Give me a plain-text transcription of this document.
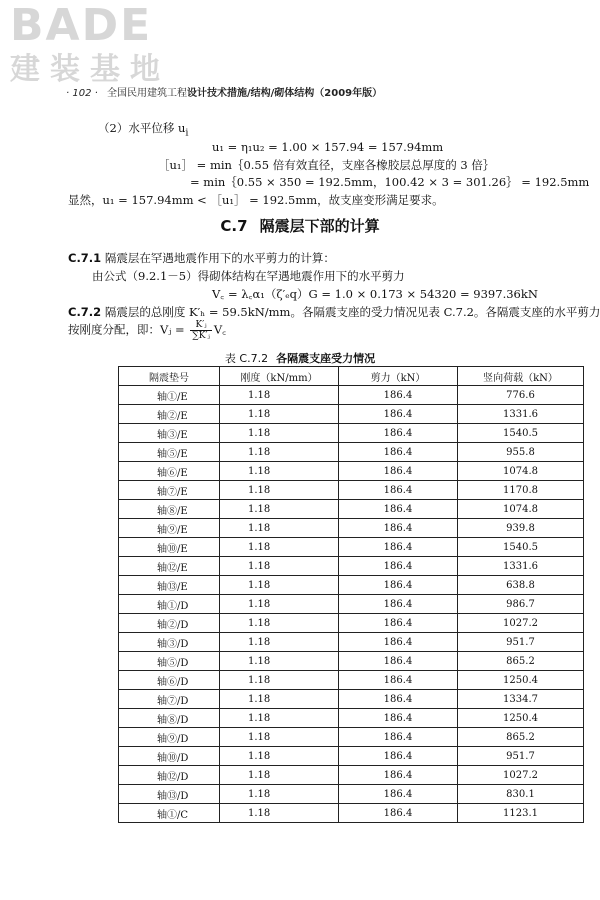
BADE
建装基地
· 102 · 全国民用建筑工程设计技术措施/结构/砌体结构（2009年版）
（2）水平位移 $u_i$
u₁ = η₁u₂ = 1.00 × 157.94 = 157.94mm
［u₁］ = min｛0.55 倍有效直径，支座各橡胶层总厚度的 3 倍｝
= min｛0.55 × 350 = 192.5mm，100.42 × 3 = 301.26｝ = 192.5mm
显然，u₁ = 157.94mm < ［u₁］ = 192.5mm，故支座变形满足要求。
C.7 隔震层下部的计算
C.7.1 隔震层在罕遇地震作用下的水平剪力的计算：
由公式（9.2.1－5）得砌体结构在罕遇地震作用下的水平剪力
V꜀ = λ꜀α₁（ζ′ₑq）G = 1.0 × 0.173 × 54320 = 9397.36kN
C.7.2 隔震层的总刚度 K′ₕ = 59.5kN/mm。各隔震支座的受力情况见表 C.7.2。各隔震支座的水平剪力
按刚度分配，即：Vⱼ = $\frac{\text{K′ⱼ}}{\text{∑K′ⱼ}}$ V꜀
表 C.7.2 各隔震支座受力情况
隔震垫号	刚度（kN/mm）	剪力（kN）	竖向荷载（kN）
轴①/E	1.18	186.4	776.6
轴②/E	1.18	186.4	1331.6
轴③/E	1.18	186.4	1540.5
轴⑤/E	1.18	186.4	955.8
轴⑥/E	1.18	186.4	1074.8
轴⑦/E	1.18	186.4	1170.8
轴⑧/E	1.18	186.4	1074.8
轴⑨/E	1.18	186.4	939.8
轴⑩/E	1.18	186.4	1540.5
轴⑫/E	1.18	186.4	1331.6
轴⑬/E	1.18	186.4	638.8
轴①/D	1.18	186.4	986.7
轴②/D	1.18	186.4	1027.2
轴③/D	1.18	186.4	951.7
轴⑤/D	1.18	186.4	865.2
轴⑥/D	1.18	186.4	1250.4
轴⑦/D	1.18	186.4	1334.7
轴⑧/D	1.18	186.4	1250.4
轴⑨/D	1.18	186.4	865.2
轴⑩/D	1.18	186.4	951.7
轴⑫/D	1.18	186.4	1027.2
轴⑬/D	1.18	186.4	830.1
轴①/C	1.18	186.4	1123.1
